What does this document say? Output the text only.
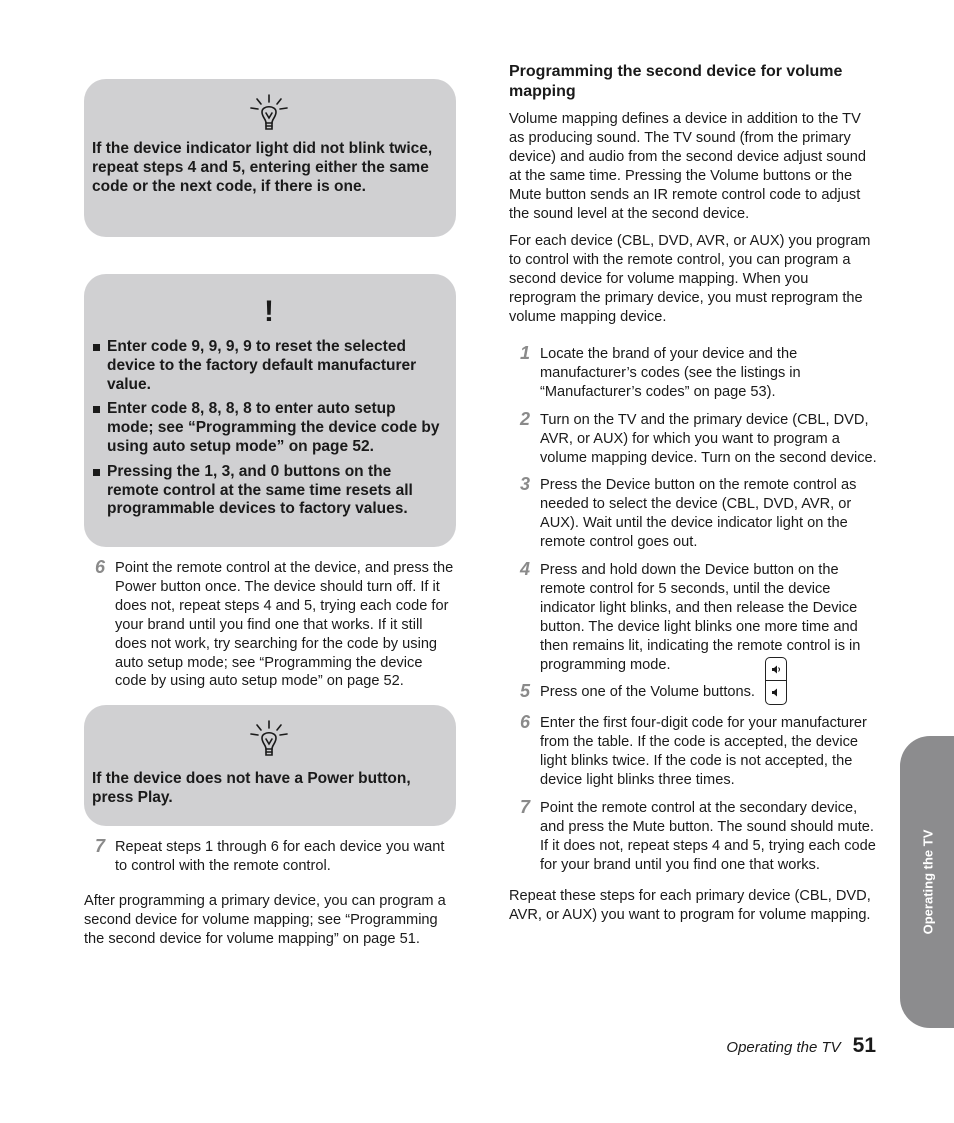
If the device indicator light did not blink twice, repeat steps 4 and 5, entering either the same code or the next code, if there is one.

!
Enter code 9, 9, 9, 9 to reset the selected device to the factory default manufacturer value.
Enter code 8, 8, 8, 8 to enter auto setup mode; see “Programming the device code by using auto setup mode” on page 52.
Pressing the 1, 3, and 0 buttons on the remote control at the same time resets all programmable devices to factory values.

6 Point the remote control at the device, and press the Power button once. The device should turn off. If it does not, repeat steps 4 and 5, trying each code for your brand until you find one that works. If it still does not work, try searching for the code by using auto setup mode; see “Programming the device code by using auto setup mode” on page 52.

If the device does not have a Power button, press Play.

7 Repeat steps 1 through 6 for each device you want to control with the remote control.

After programming a primary device, you can program a second device for volume mapping; see “Programming the second device for volume mapping” on page 51.

Programming the second device for volume mapping

Volume mapping defines a device in addition to the TV as producing sound. The TV sound (from the primary device) and audio from the second device adjust sound at the same time. Pressing the Volume buttons or the Mute button sends an IR remote control code to adjust the sound level at the second device.

For each device (CBL, DVD, AVR, or AUX) you program to control with the remote control, you can program a second device for volume mapping. When you reprogram the primary device, you must reprogram the volume mapping device.

1 Locate the brand of your device and the manufacturer’s codes (see the listings in “Manufacturer’s codes” on page 53).

2 Turn on the TV and the primary device (CBL, DVD, AVR, or AUX) for which you want to program a volume mapping device. Turn on the second device.

3 Press the Device button on the remote control as needed to select the device (CBL, DVD, AVR, or AUX). Wait until the device indicator light on the remote control goes out.

4 Press and hold down the Device button on the remote control for 5 seconds, until the device indicator light blinks, and then release the Device button. The device light blinks one more time and then remains lit, indicating the remote control is in programming mode.

5 Press one of the Volume buttons.

6 Enter the first four-digit code for your manufacturer from the table. If the code is accepted, the device light blinks twice. If the code is not accepted, the device light blinks three times.

7 Point the remote control at the secondary device, and press the Mute button. The sound should mute. If it does not, repeat steps 4 and 5, trying each code for your brand until you find one that works.

Repeat these steps for each primary device (CBL, DVD, AVR, or AUX) you want to program for volume mapping.	Operating the TV
Operating the TV 51
